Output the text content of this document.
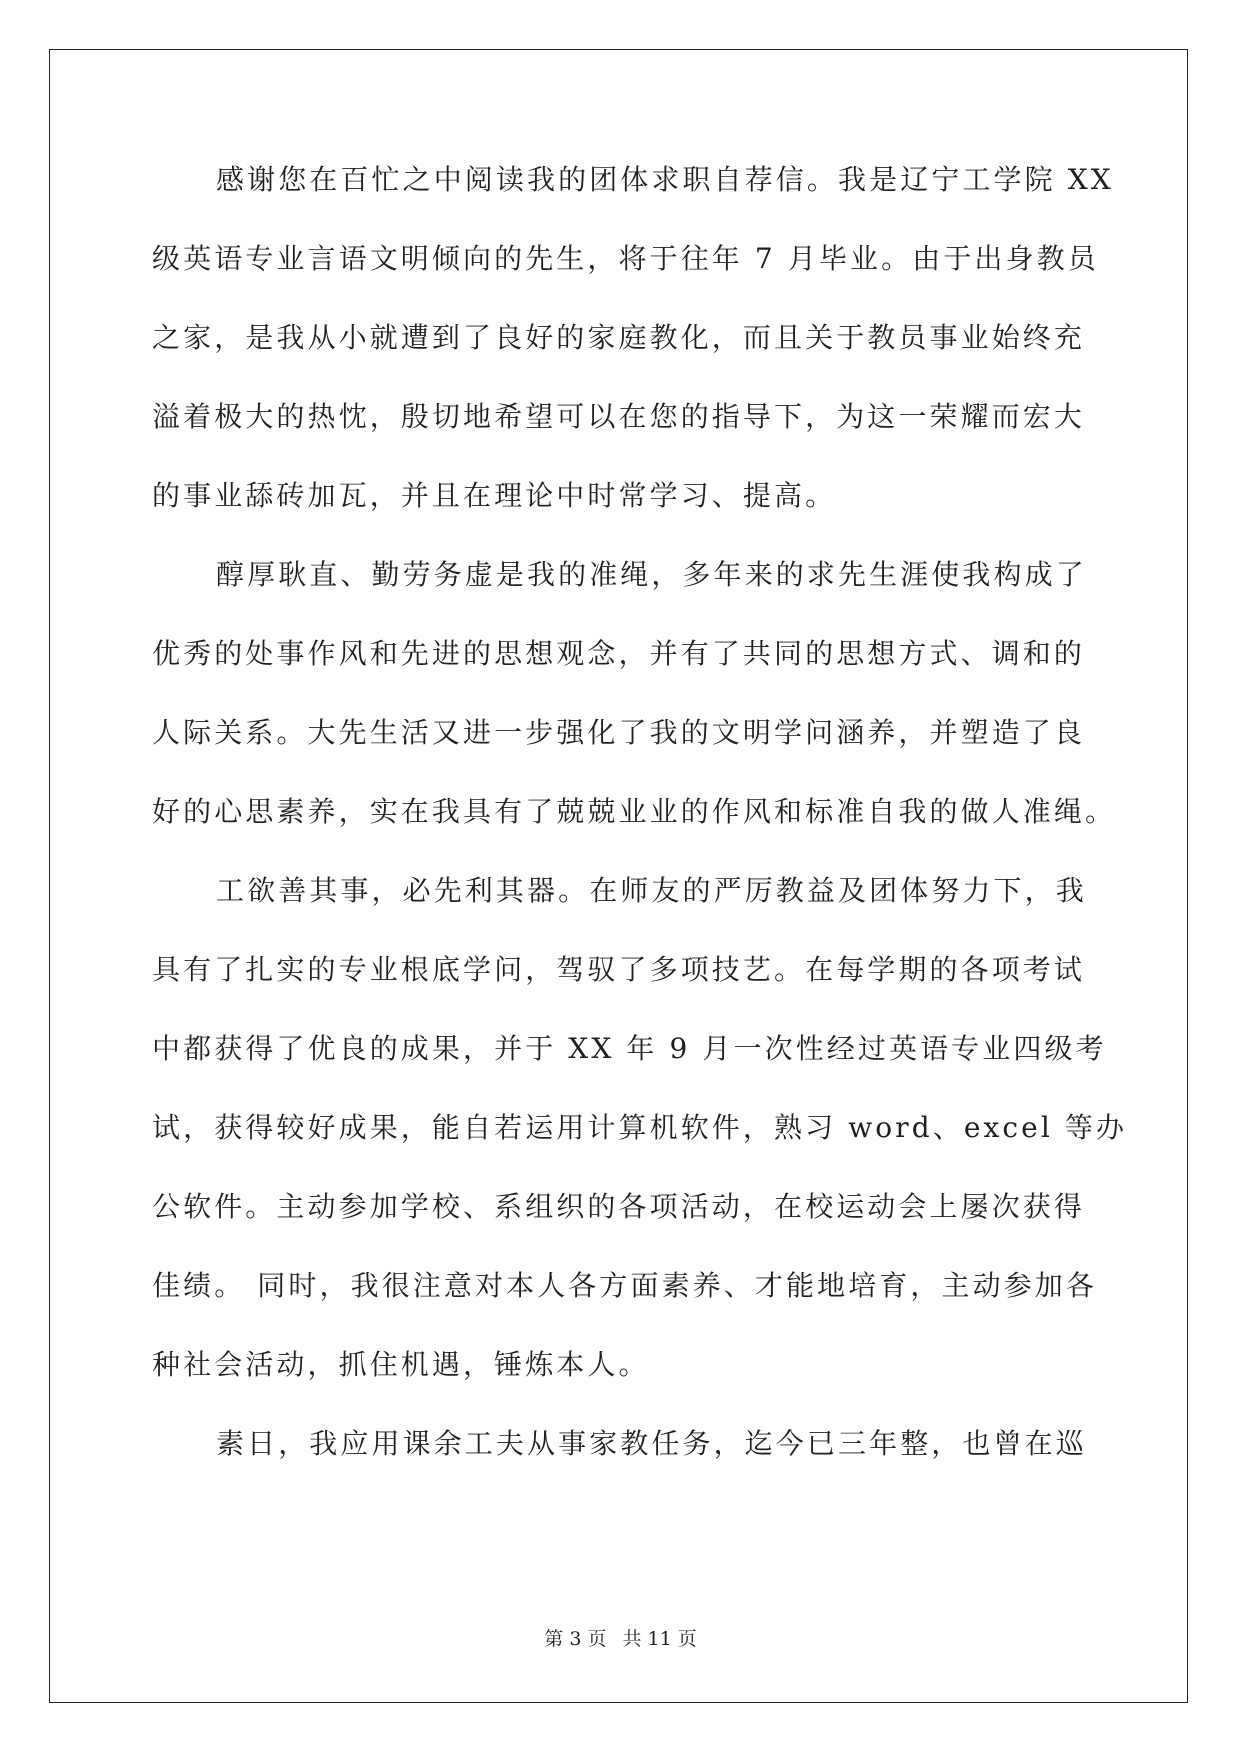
感谢您在百忙之中阅读我的团体求职自荐信。我是辽宁工学院 XX
级英语专业言语文明倾向的先生，将于往年 7 月毕业。由于出身教员
之家，是我从小就遭到了良好的家庭教化，而且关于教员事业始终充
溢着极大的热忱，殷切地希望可以在您的指导下，为这一荣耀而宏大
的事业舔砖加瓦，并且在理论中时常学习、提高。
醇厚耿直、勤劳务虚是我的准绳，多年来的求先生涯使我构成了
优秀的处事作风和先进的思想观念，并有了共同的思想方式、调和的
人际关系。大先生活又进一步强化了我的文明学问涵养，并塑造了良
好的心思素养，实在我具有了兢兢业业的作风和标准自我的做人准绳。
工欲善其事，必先利其器。在师友的严厉教益及团体努力下，我
具有了扎实的专业根底学问，驾驭了多项技艺。在每学期的各项考试
中都获得了优良的成果，并于 XX 年 9 月一次性经过英语专业四级考
试，获得较好成果，能自若运用计算机软件，熟习 word、excel 等办
公软件。主动参加学校、系组织的各项活动，在校运动会上屡次获得
佳绩。 同时，我很注意对本人各方面素养、才能地培育，主动参加各
种社会活动，抓住机遇，锤炼本人。
素日，我应用课余工夫从事家教任务，迄今已三年整，也曾在巡
第 3 页 共 11 页
